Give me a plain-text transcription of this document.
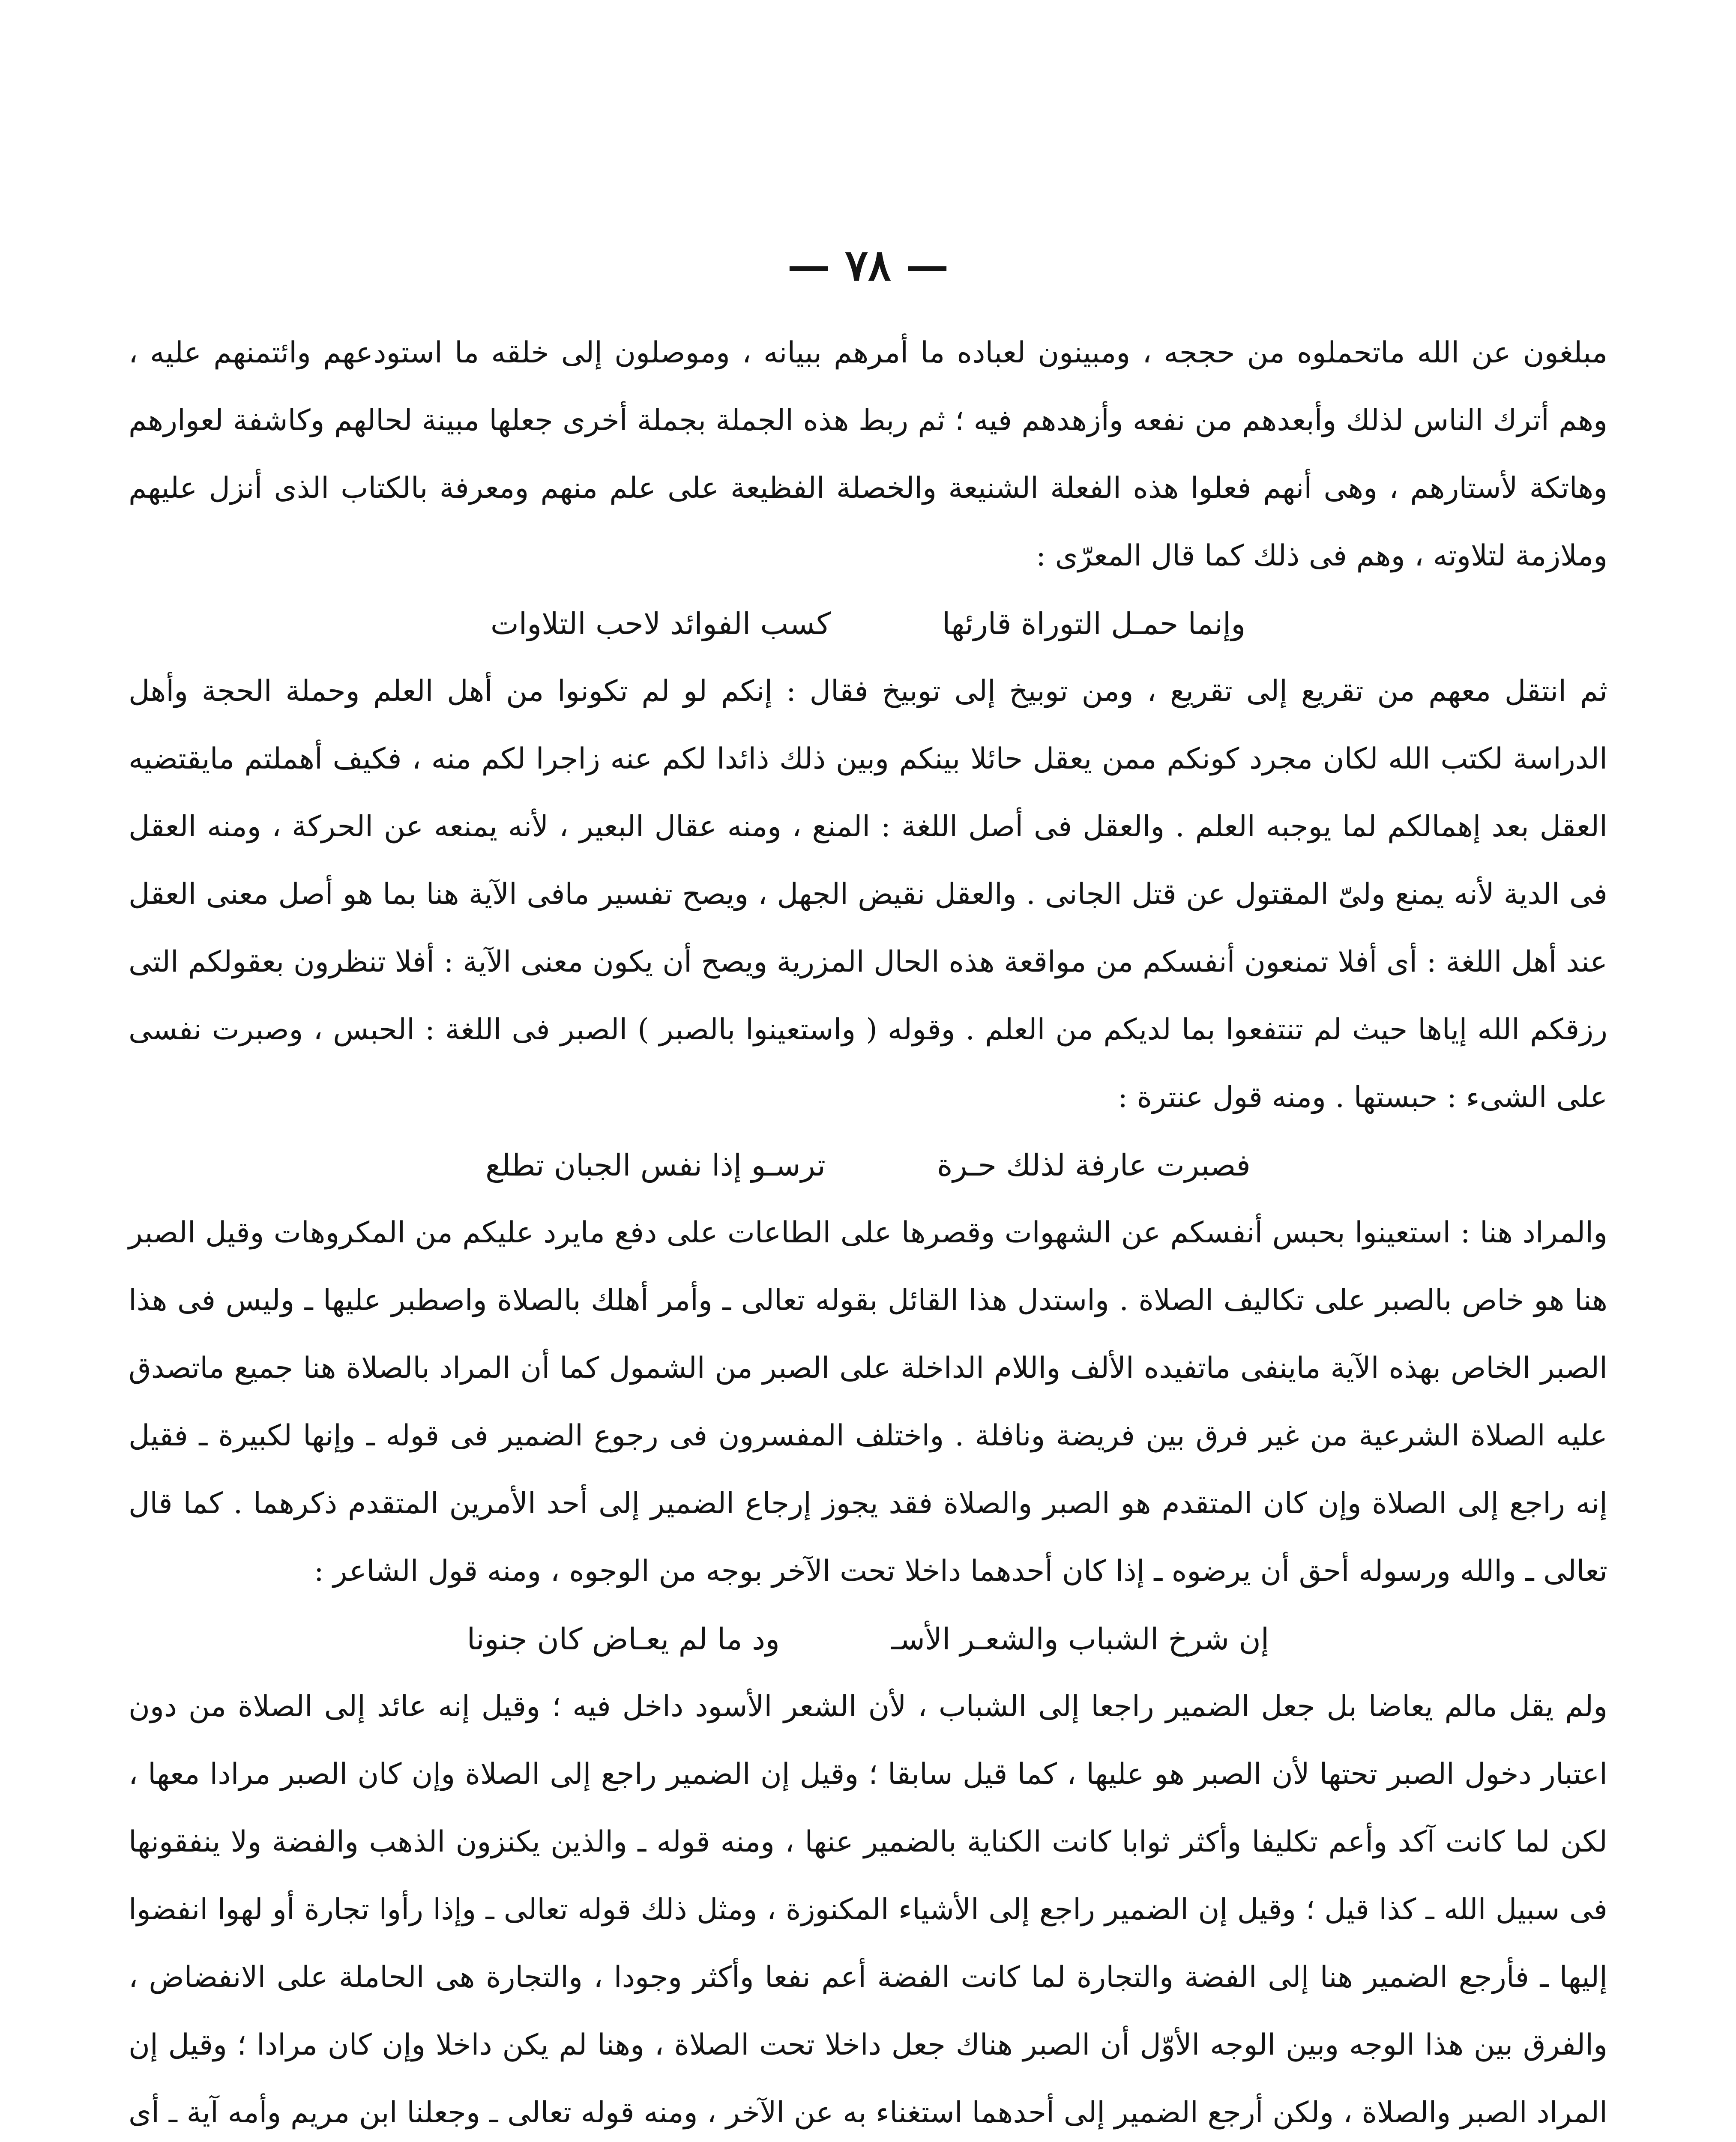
— ٧٨ —

مبلغون عن الله ماتحملوه من حججه ، ومبينون لعباده ما أمرهم ببيانه ، وموصلون إلى خلقه ما استودعهم وائتمنهم عليه ، وهم أترك الناس لذلك وأبعدهم من نفعه وأزهدهم فيه ؛ ثم ربط هذه الجملة بجملة أخرى جعلها مبينة لحالهم وكاشفة لعوارهم وهاتكة لأستارهم ، وهى أنهم فعلوا هذه الفعلة الشنيعة والخصلة الفظيعة على علم منهم ومعرفة بالكتاب الذى أنزل عليهم وملازمة لتلاوته ، وهم فى ذلك كما قال المعرّى :

وإنما حمـل التوراة قارئها
كسب الفوائد لاحب التلاوات

ثم انتقل معهم من تقريع إلى تقريع ، ومن توبيخ إلى توبيخ فقال : إنكم لو لم تكونوا من أهل العلم وحملة الحجة وأهل الدراسة لكتب الله لكان مجرد كونكم ممن يعقل حائلا بينكم وبين ذلك ذائدا لكم عنه زاجرا لكم منه ، فكيف أهملتم مايقتضيه العقل بعد إهمالكم لما يوجبه العلم . والعقل فى أصل اللغة : المنع ، ومنه عقال البعير ، لأنه يمنعه عن الحركة ، ومنه العقل فى الدية لأنه يمنع ولىّ المقتول عن قتل الجانى . والعقل نقيض الجهل ، ويصح تفسير مافى الآية هنا بما هو أصل معنى العقل عند أهل اللغة : أى أفلا تمنعون أنفسكم من مواقعة هذه الحال المزرية ويصح أن يكون معنى الآية : أفلا تنظرون بعقولكم التى رزقكم الله إياها حيث لم تنتفعوا بما لديكم من العلم . وقوله ( واستعينوا بالصبر ) الصبر فى اللغة : الحبس ، وصبرت نفسى على الشىء : حبستها . ومنه قول عنترة :

فصبرت عارفة لذلك حـرة
ترسـو إذا نفس الجبان تطلع

والمراد هنا : استعينوا بحبس أنفسكم عن الشهوات وقصرها على الطاعات على دفع مايرد عليكم من المكروهات وقيل الصبر هنا هو خاص بالصبر على تكاليف الصلاة . واستدل هذا القائل بقوله تعالى ـ وأمر أهلك بالصلاة واصطبر عليها ـ وليس فى هذا الصبر الخاص بهذه الآية ماينفى ماتفيده الألف واللام الداخلة على الصبر من الشمول كما أن المراد بالصلاة هنا جميع ماتصدق عليه الصلاة الشرعية من غير فرق بين فريضة ونافلة . واختلف المفسرون فى رجوع الضمير فى قوله ـ وإنها لكبيرة ـ فقيل إنه راجع إلى الصلاة وإن كان المتقدم هو الصبر والصلاة فقد يجوز إرجاع الضمير إلى أحد الأمرين المتقدم ذكرهما . كما قال تعالى ـ والله ورسوله أحق أن يرضوه ـ إذا كان أحدهما داخلا تحت الآخر بوجه من الوجوه ، ومنه قول الشاعر :

إن شرخ الشباب والشعـر الأسـ
ود ما لم يعـاض كان جنونا

ولم يقل مالم يعاضا بل جعل الضمير راجعا إلى الشباب ، لأن الشعر الأسود داخل فيه ؛ وقيل إنه عائد إلى الصلاة من دون اعتبار دخول الصبر تحتها لأن الصبر هو عليها ، كما قيل سابقا ؛ وقيل إن الضمير راجع إلى الصلاة وإن كان الصبر مرادا معها ، لكن لما كانت آكد وأعم تكليفا وأكثر ثوابا كانت الكناية بالضمير عنها ، ومنه قوله ـ والذين يكنزون الذهب والفضة ولا ينفقونها فى سبيل الله ـ كذا قيل ؛ وقيل إن الضمير راجع إلى الأشياء المكنوزة ، ومثل ذلك قوله تعالى ـ وإذا رأوا تجارة أو لهوا انفضوا إليها ـ فأرجع الضمير هنا إلى الفضة والتجارة لما كانت الفضة أعم نفعا وأكثر وجودا ، والتجارة هى الحاملة على الانفضاض ، والفرق بين هذا الوجه وبين الوجه الأوّل أن الصبر هناك جعل داخلا تحت الصلاة ، وهنا لم يكن داخلا وإن كان مرادا ؛ وقيل إن المراد الصبر والصلاة ، ولكن أرجع الضمير إلى أحدهما استغناء به عن الآخر ، ومنه قوله تعالى ـ وجعلنا ابن مريم وأمه آية ـ أى
